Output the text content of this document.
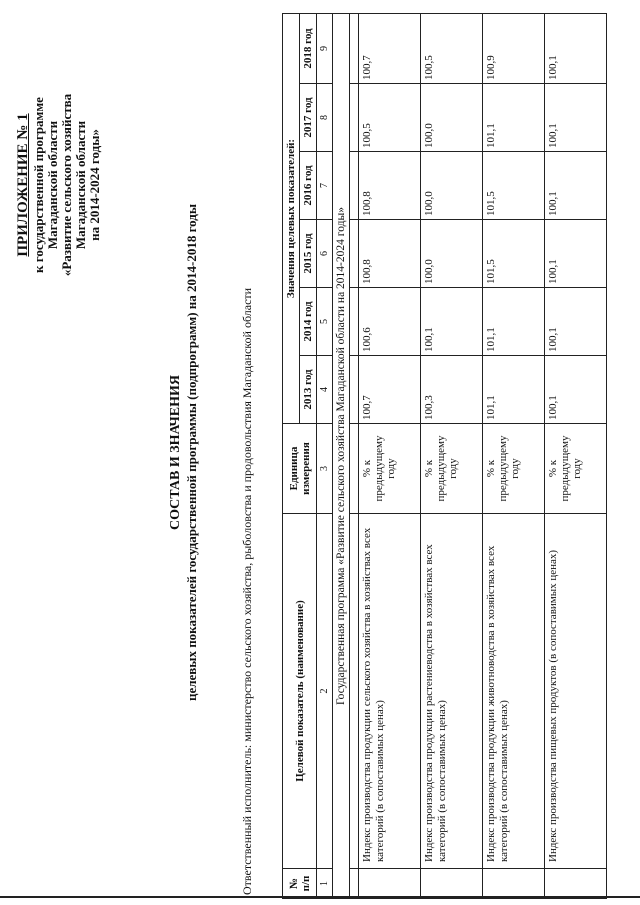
ПРИЛОЖЕНИЕ № 1 к государственной программе Магаданской области «Развитие сельского хозяйства Магаданской области на 2014-2024 годы»
СОСТАВ И ЗНАЧЕНИЯ целевых показателей государственной программы (подпрограмм) на 2014-2018 годы	Ответственный исполнитель: министерство сельского хозяйства, рыболовства и продовольствия Магаданской области	№ п/п	Целевой показатель (наименование)	Единица измерения	Значения целевых показателей:					
			2013 год	2014 год	2015 год	2016 год	2017 год	2018 год
1	2	3	4	5	6	7	8	9
Государственная программа «Развитие сельского хозяйства Магаданской области на 2014-2024 годы»								

	Индекс производства продукции сельского хозяйства в хозяйствах всех категорий (в сопоставимых ценах)	% к предыдущему году	100,7	100,6	100,8	100,8	100,5	100,7
	Индекс производства продукции растениеводства в хозяйствах всех категорий (в сопоставимых ценах)	% к предыдущему году	100,3	100,1	100,0	100,0	100,0	100,5
	Индекс производства продукции животноводства в хозяйствах всех категорий (в сопоставимых ценах)	% к предыдущему году	101,1	101,1	101,5	101,5	101,1	100,9
	Индекс производства пищевых продуктов (в сопоставимых ценах)	% к предыдущему году	100,1	100,1	100,1	100,1	100,1	100,1
